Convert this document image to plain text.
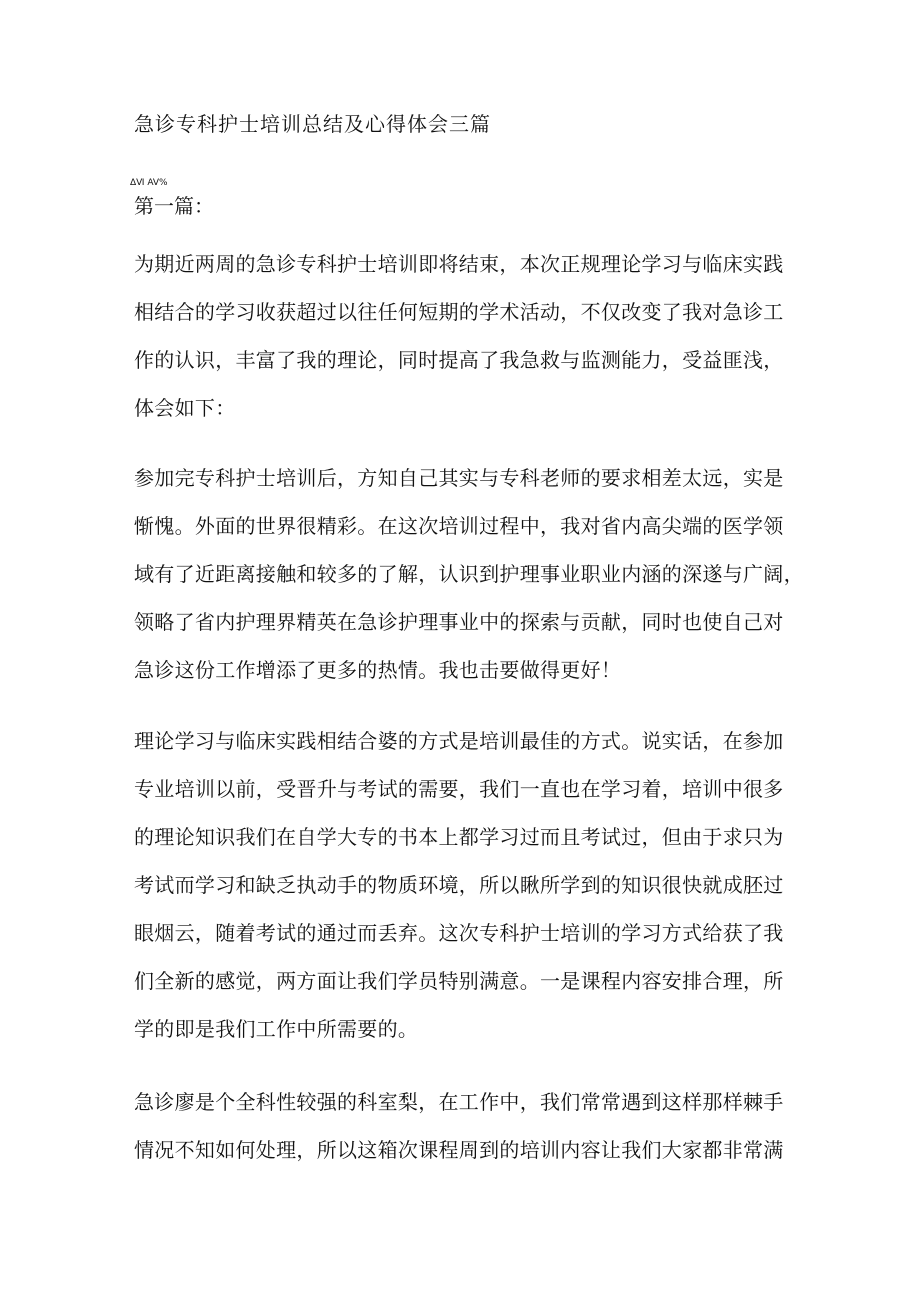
急诊专科护士培训总结及心得体会三篇
ΔⅥ AV%
第一篇：
为期近两周的急诊专科护士培训即将结束，本次正规理论学习与临床实践
相结合的学习收获超过以往任何短期的学术活动，不仅改变了我对急诊工
作的认识，丰富了我的理论，同时提高了我急救与监测能力，受益匪浅，
体会如下：
参加完专科护士培训后，方知自己其实与专科老师的要求相差太远，实是
惭愧。外面的世界很精彩。在这次培训过程中，我对省内高尖端的医学领
域有了近距离接触和较多的了解，认识到护理事业职业内涵的深遂与广阔，
领略了省内护理界精英在急诊护理事业中的探索与贡献，同时也使自己对
急诊这份工作增添了更多的热情。我也击要做得更好！
理论学习与临床实践相结合婆的方式是培训最佳的方式。说实话，在参加
专业培训以前，受晋升与考试的需要，我们一直也在学习着，培训中很多
的理论知识我们在自学大专的书本上都学习过而且考试过，但由于求只为
考试而学习和缺乏执动手的物质环境，所以瞅所学到的知识很快就成胚过
眼烟云，随着考试的通过而丢弃。这次专科护士培训的学习方式给获了我
们全新的感觉，两方面让我们学员特别满意。一是课程内容安排合理，所
学的即是我们工作中所需要的。
急诊廖是个全科性较强的科室梨，在工作中，我们常常遇到这样那样棘手
情况不知如何处理，所以这箱次课程周到的培训内容让我们大家都非常满
